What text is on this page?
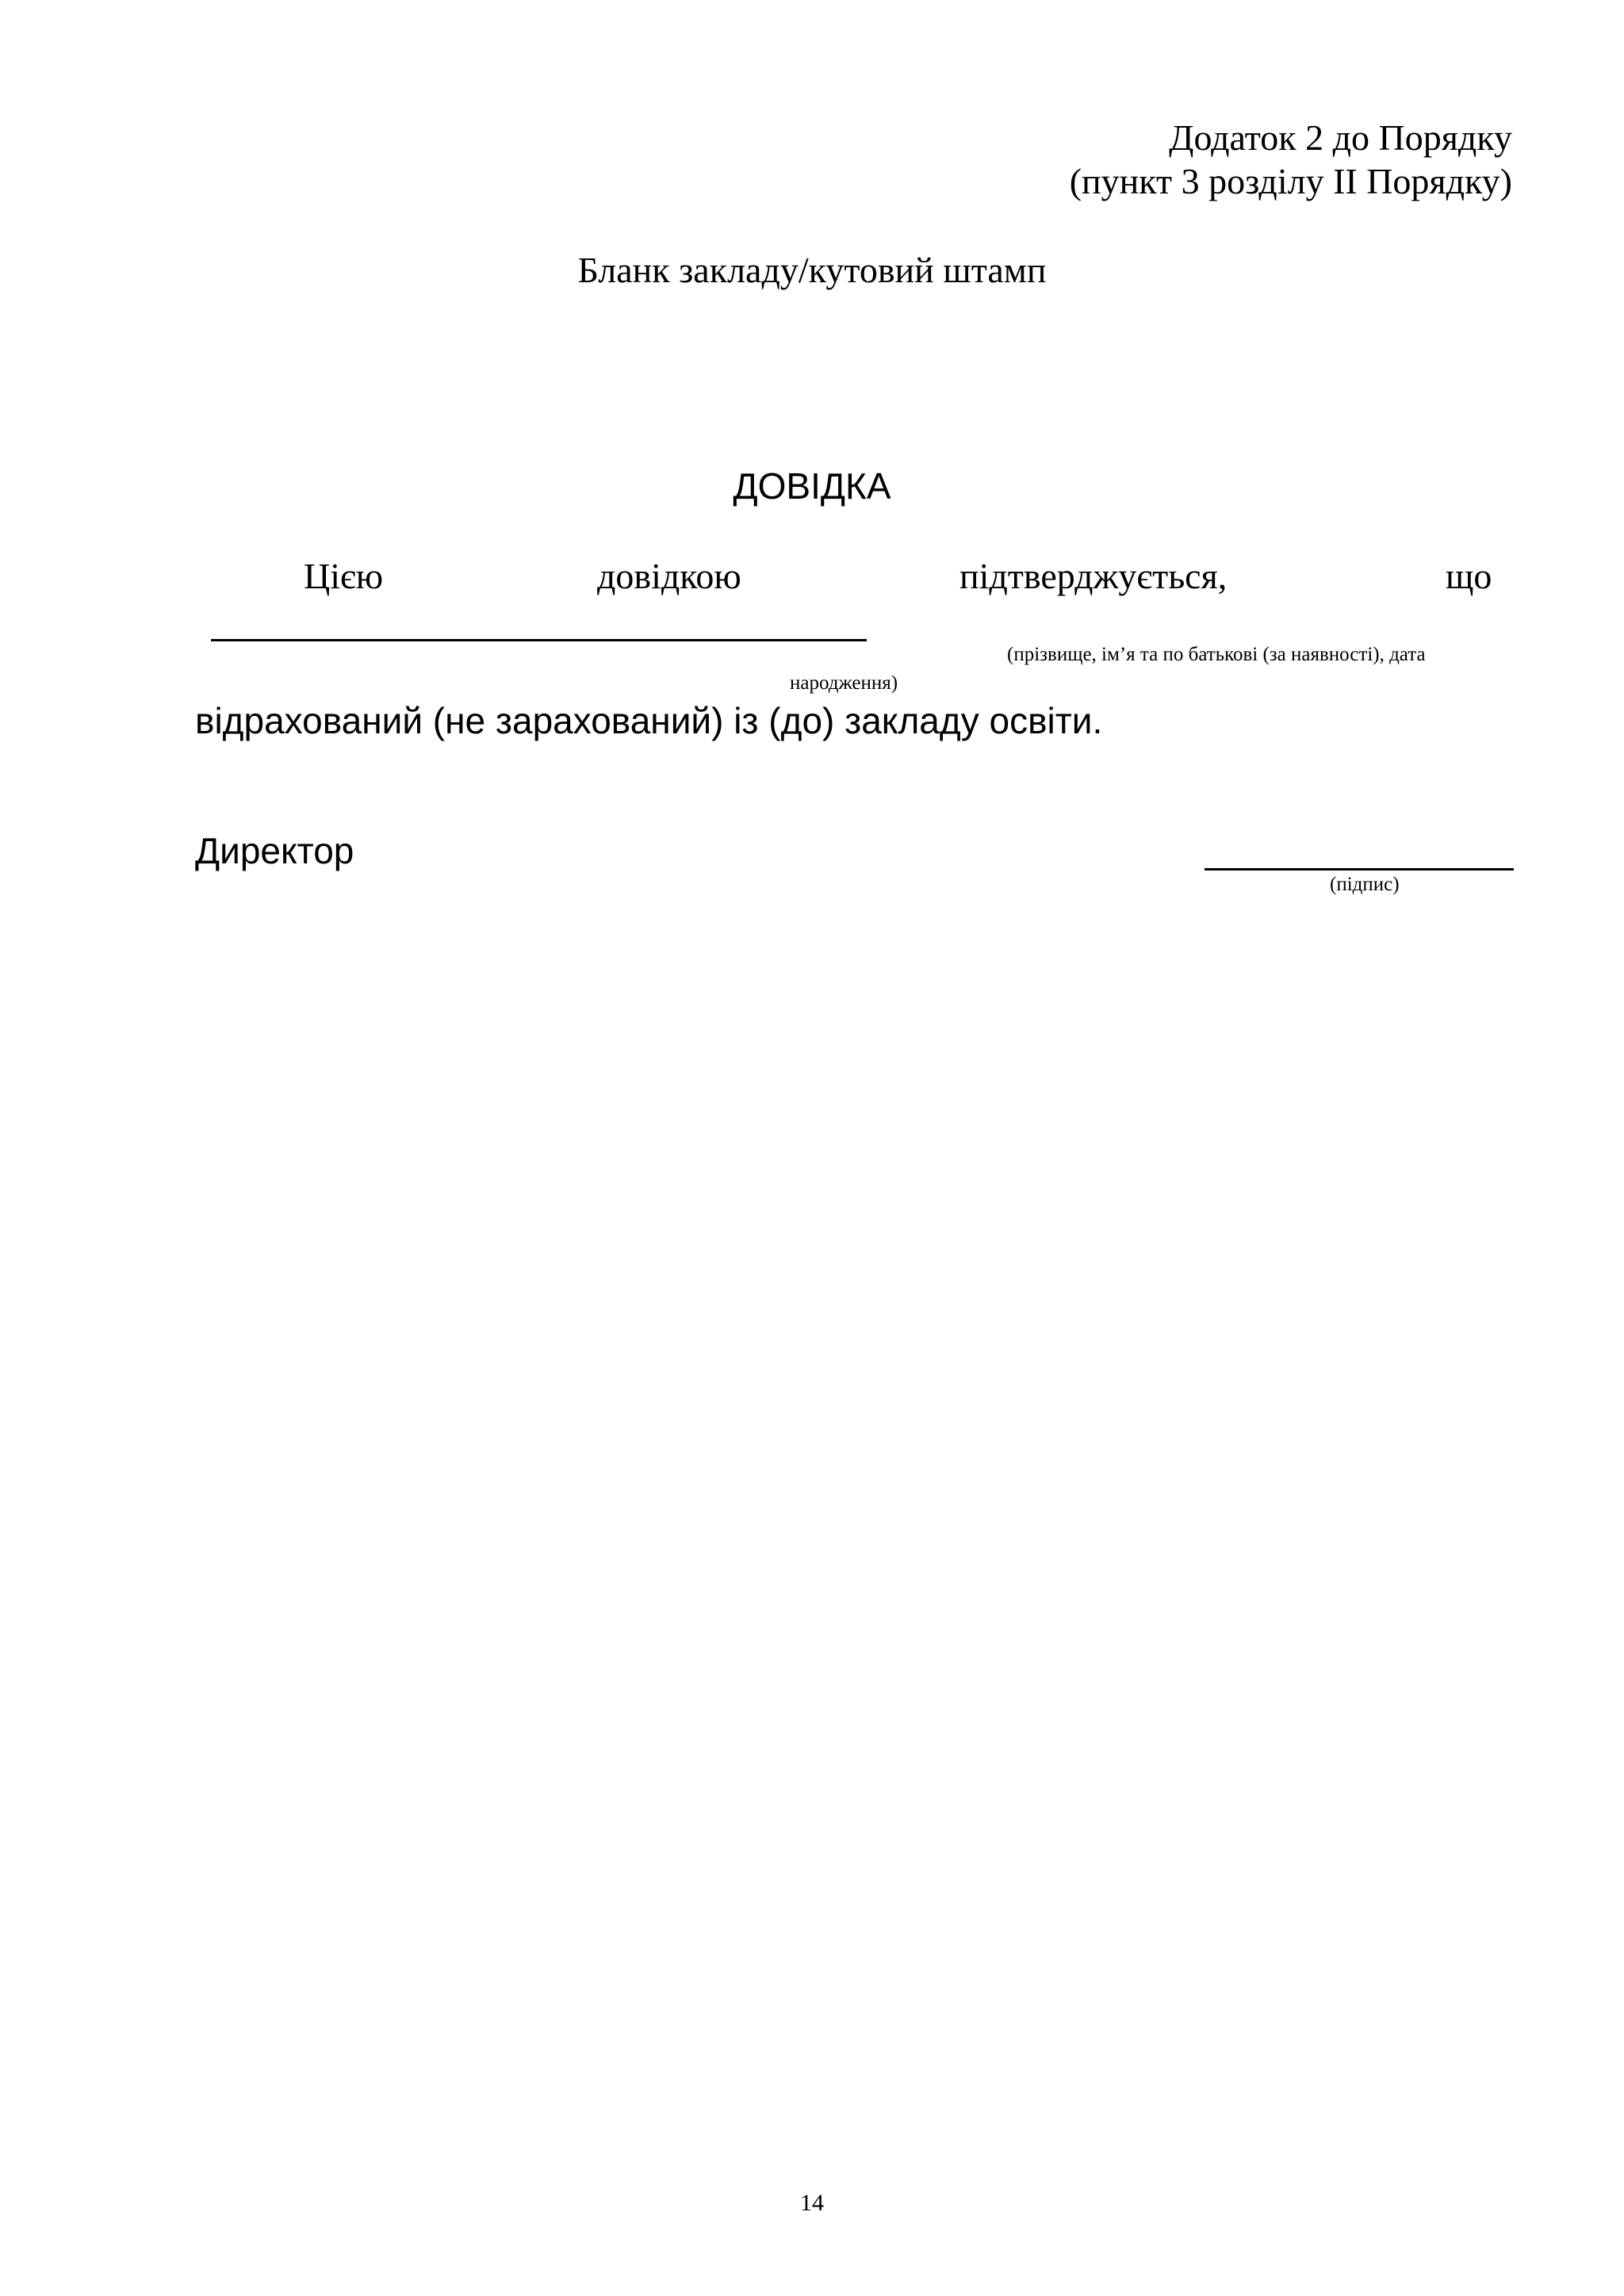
Додаток 2 до Порядку
(пункт 3 розділу ІІ Порядку)
Бланк закладу/кутовий штамп
ДОВІДКА
Цією	довідкою	підтверджується,	що
(прізвище, ім’я та по батькові (за наявності), дата
народження)
відрахований (не зарахований) із (до) закладу освіти.
Директор
(підпис)
14
